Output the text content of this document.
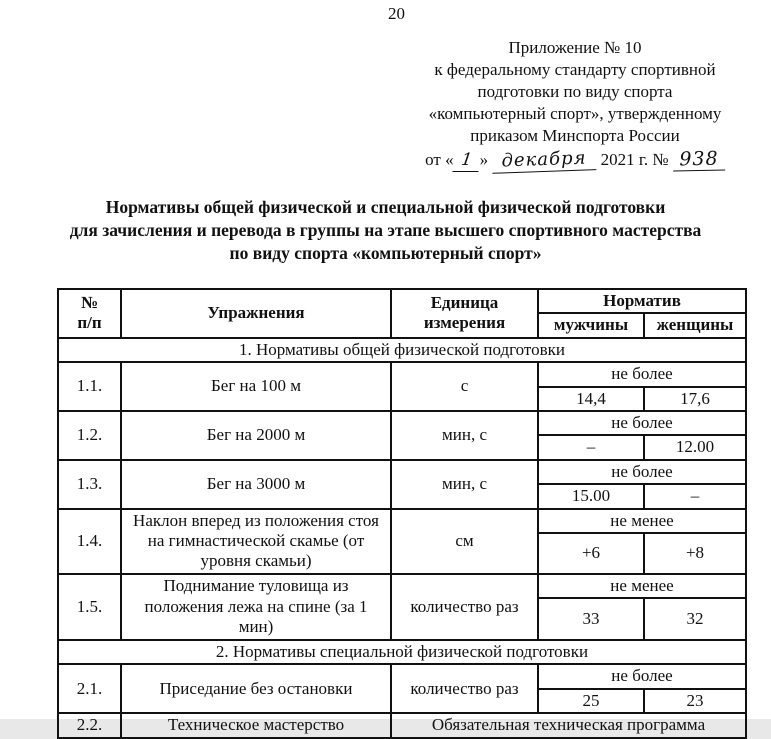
20
Приложение № 10
к федеральному стандарту спортивной
подготовки по виду спорта
«компьютерный спорт», утвержденному
приказом Минспорта России
от « 1 » декабря 2021 г. № 938
Нормативы общей физической и специальной физической подготовки
для зачисления и перевода в группы на этапе высшего спортивного мастерства
по виду спорта «компьютерный спорт»
№
п/п
	Упражнения	
Единица
измерения
	Норматив
			мужчины	женщины
1. Нормативы общей физической подготовки				
1.1.	Бег на 100 м	с	не более	
			14,4	17,6
1.2.	Бег на 2000 м	мин, с	не более	
			–	12.00
1.3.	Бег на 3000 м	мин, с	не более	
			15.00	–
1.4.	Наклон вперед из положения стоя на гимнастической скамье (от уровня скамьи)	см	не менее	
			+6	+8
1.5.	Поднимание туловища из положения лежа на спине (за 1 мин)	количество раз	не менее	
			33	32
2. Нормативы специальной физической подготовки				
2.1.	Приседание без остановки	количество раз	не более	
			25	23
2.2.	Техническое мастерство	Обязательная техническая программа		
